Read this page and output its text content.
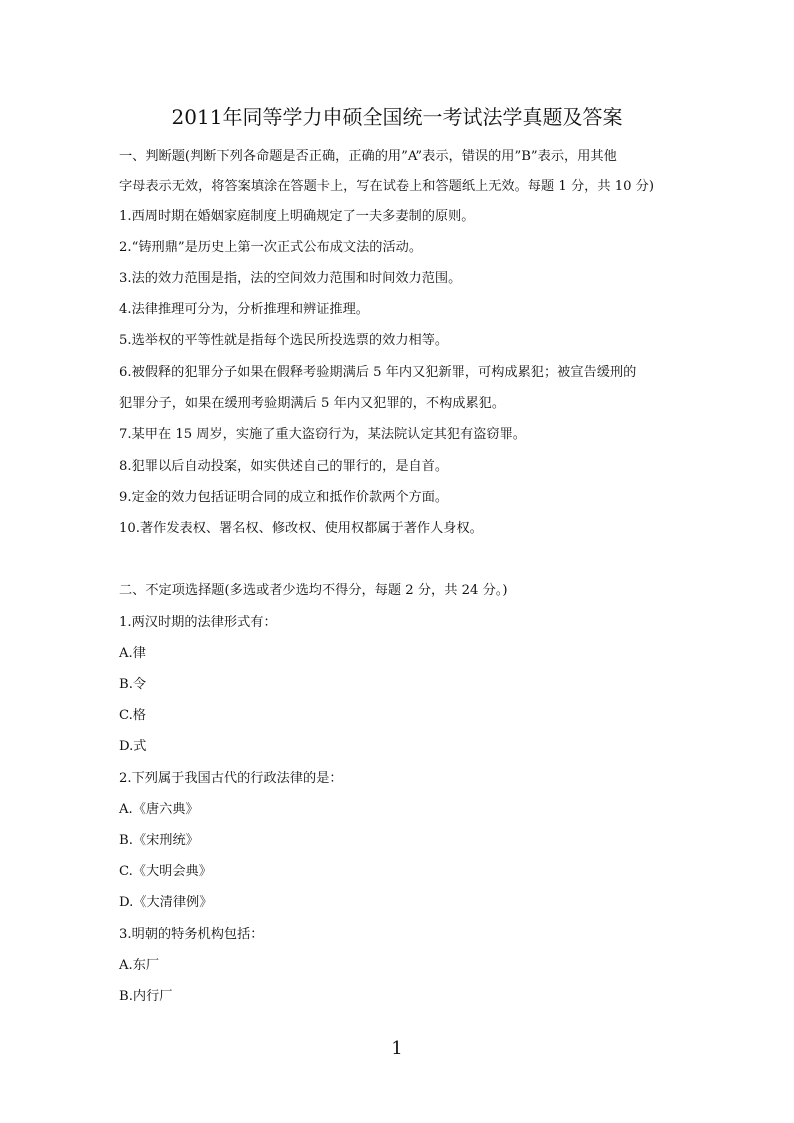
2011年同等学力申硕全国统一考试法学真题及答案
一、判断题(判断下列各命题是否正确，正确的用”A”表示，错误的用”B”表示，用其他
字母表示无效，将答案填涂在答题卡上，写在试卷上和答题纸上无效。每题 1 分，共 10 分)
1.西周时期在婚姻家庭制度上明确规定了一夫多妻制的原则。
2.“铸刑鼎”是历史上第一次正式公布成文法的活动。
3.法的效力范围是指，法的空间效力范围和时间效力范围。
4.法律推理可分为，分析推理和辨证推理。
5.选举权的平等性就是指每个选民所投选票的效力相等。
6.被假释的犯罪分子如果在假释考验期满后 5 年内又犯新罪，可构成累犯；被宣告缓刑的
犯罪分子，如果在缓刑考验期满后 5 年内又犯罪的，不构成累犯。
7.某甲在 15 周岁，实施了重大盗窃行为，某法院认定其犯有盗窃罪。
8.犯罪以后自动投案，如实供述自己的罪行的，是自首。
9.定金的效力包括证明合同的成立和抵作价款两个方面。
10.著作发表权、署名权、修改权、使用权都属于著作人身权。
二、不定项选择题(多选或者少选均不得分，每题 2 分，共 24 分。)
1.两汉时期的法律形式有：
A.律
B.令
C.格
D.式
2.下列属于我国古代的行政法律的是：
A.《唐六典》
B.《宋刑统》
C.《大明会典》
D.《大清律例》
3.明朝的特务机构包括：
A.东厂
B.内行厂
1
